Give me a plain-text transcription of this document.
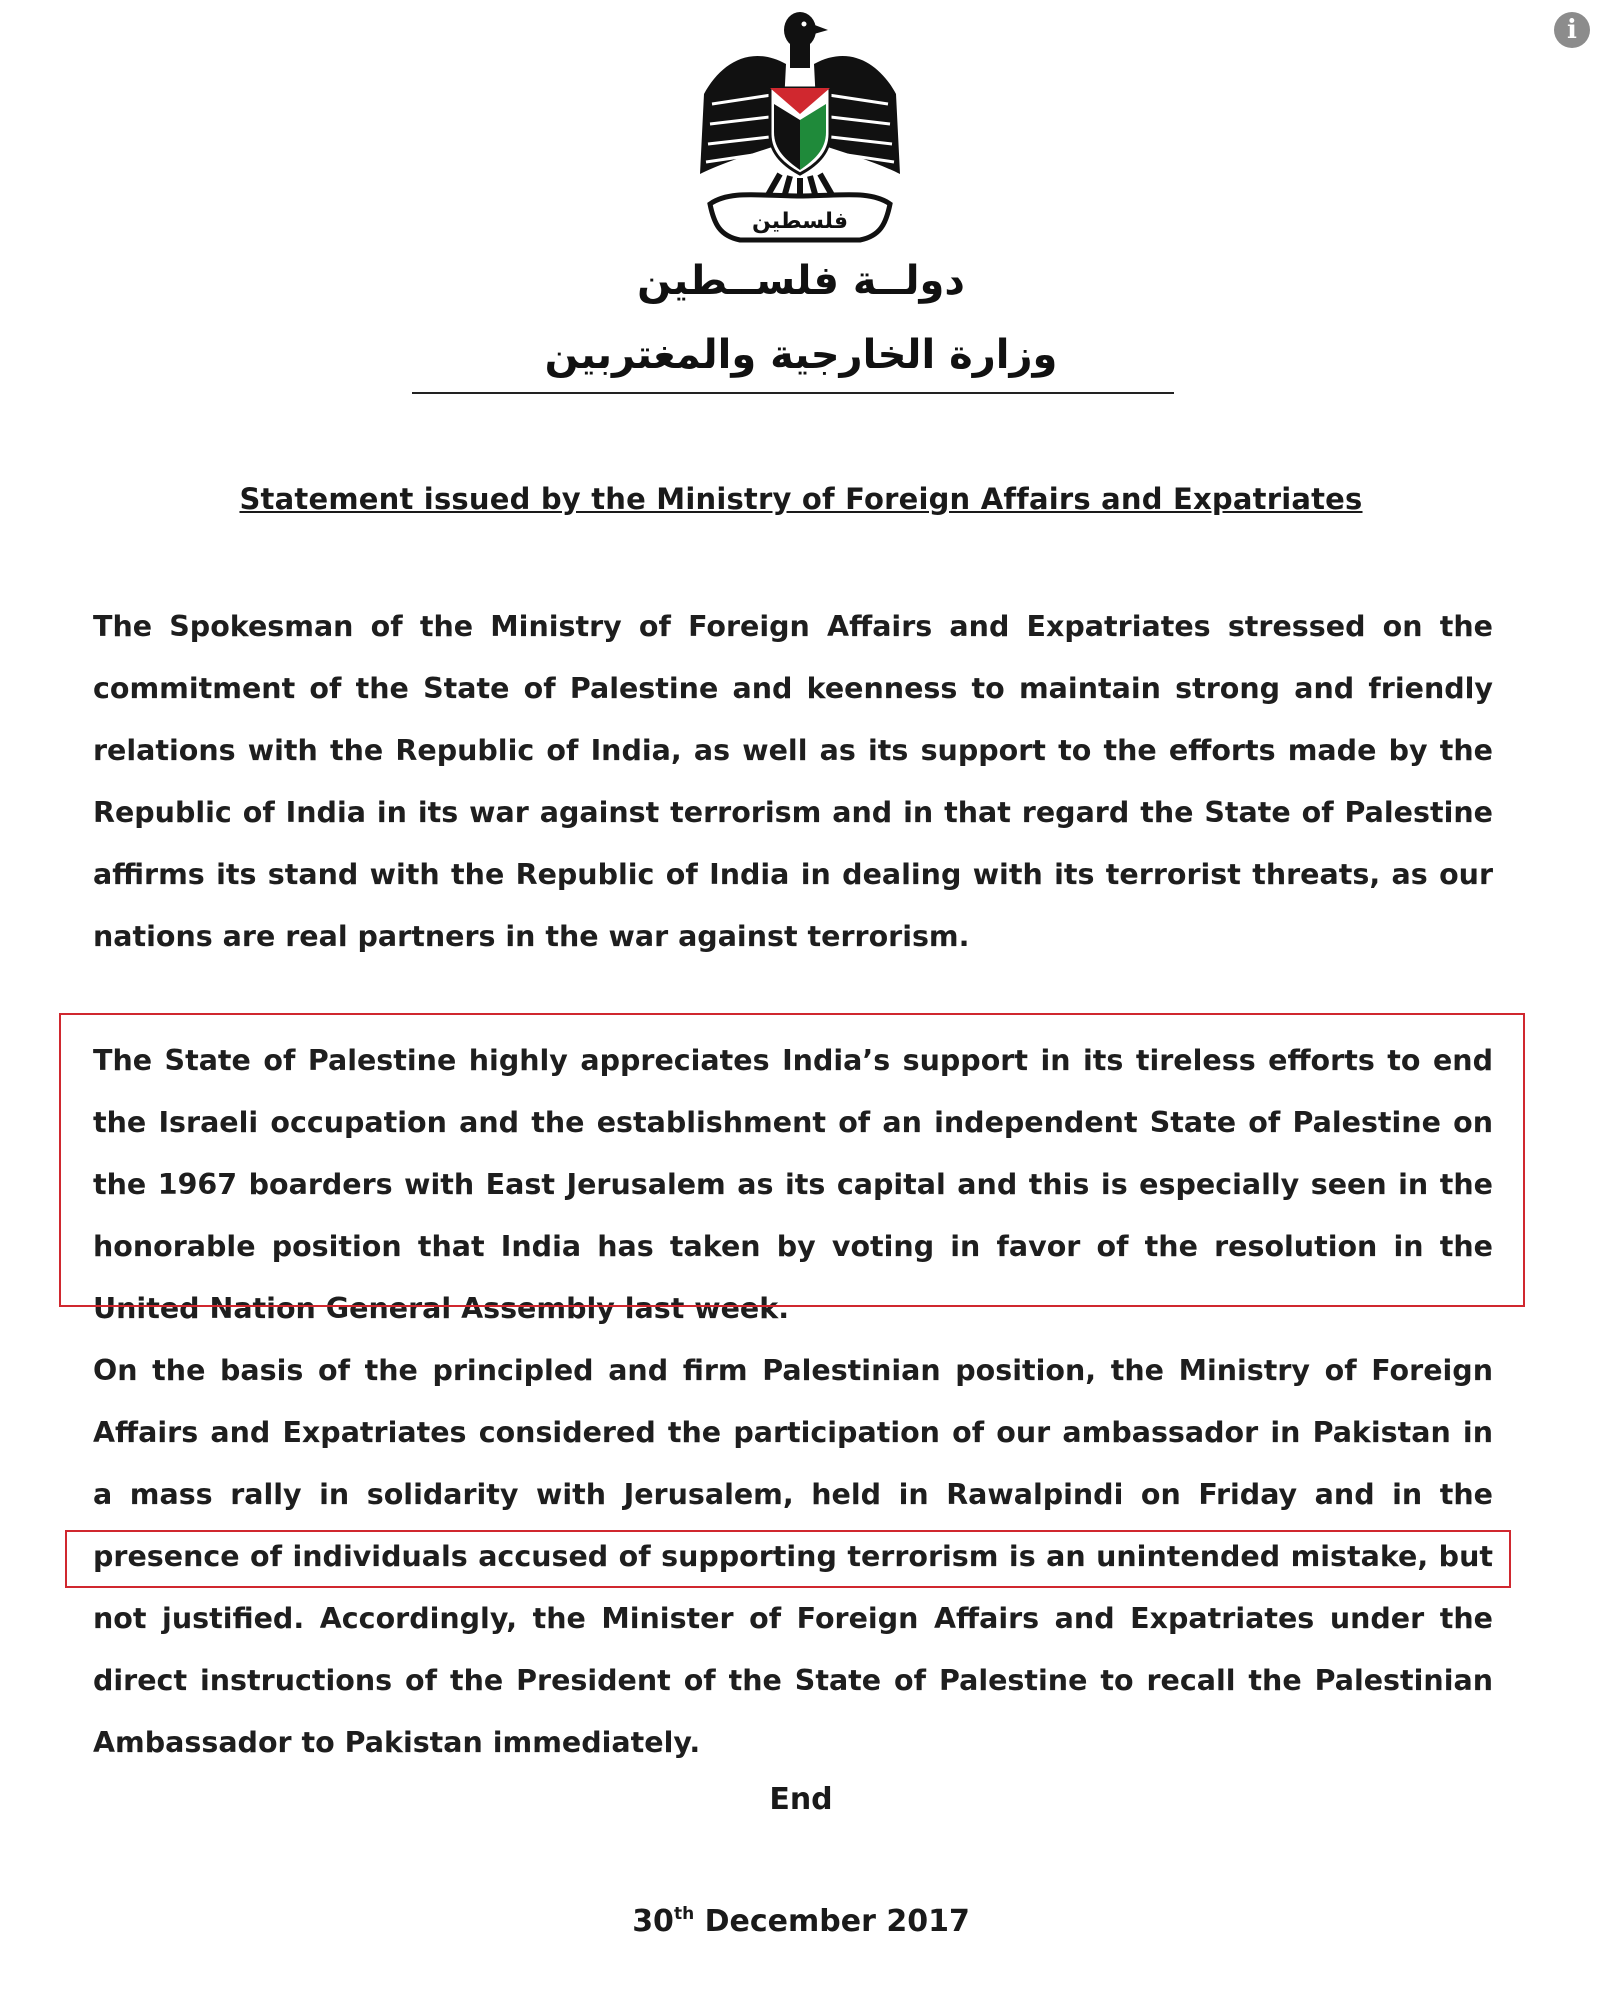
i
فلسطين
دولــة فلســطين
وزارة الخارجية والمغتربين
Statement issued by the Ministry of Foreign Affairs and Expatriates
The Spokesman of the Ministry of Foreign Affairs and Expatriates stressed on the commitment of the State of Palestine and keenness to maintain strong and friendly relations with the Republic of India, as well as its support to the efforts made by the Republic of India in its war against terrorism and in that regard the State of Palestine affirms its stand with the Republic of India in dealing with its terrorist threats, as our nations are real partners in the war against terrorism.
The State of Palestine highly appreciates India’s support in its tireless efforts to end the Israeli occupation and the establishment of an independent State of Palestine on the 1967 boarders with East Jerusalem as its capital and this is especially seen in the honorable position that India has taken by voting in favor of the resolution in the United Nation General Assembly last week.
On the basis of the principled and firm Palestinian position, the Ministry of Foreign Affairs and Expatriates considered the participation of our ambassador in Pakistan in a mass rally in solidarity with Jerusalem, held in Rawalpindi on Friday and in the presence of individuals accused of supporting terrorism is an unintended mistake, but not justified. Accordingly, the Minister of Foreign Affairs and Expatriates under the direct instructions of the President of the State of Palestine to recall the Palestinian Ambassador to Pakistan immediately.
End
30th December 2017
